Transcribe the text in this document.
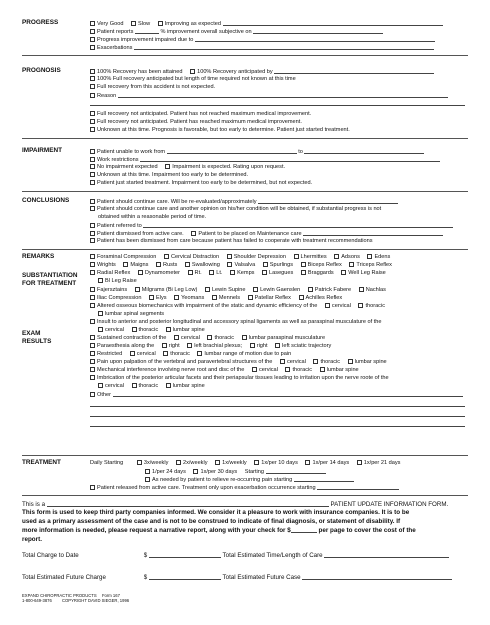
PROGRESS	Very Good	Slow	Improving as expected
Patient reports	% improvement overall subjective on
Progress improvement impaired due to
Exacerbations
PROGNOSIS	100% Recovery has been attained	100% Recovery anticipated by
100% Full recovery anticipated but length of time required not known at this time
Full recovery from this accident is not expected.
Reason
Full recovery not anticipated. Patient has not reached maximum medical improvement.
Full recovery not anticipated. Patient has reached maximum medical improvement.
Unknown at this time. Prognosis is favorable, but too early to determine. Patient just started treatment.
IMPAIRMENT	Patient unable to work from	to
Work restrictions
No impairment expected	Impairment is expected. Rating upon request.
Unknown at this time. Impairment too early to be determined.
Patient just started treatment. Impairment too early to be determined, but not expected.
CONCLUSIONS	Patient should continue care. Will be re-evaluated/approximately
Patient should continue care and another opinion on his/her condition will be obtained, if substantial progress is not
obtained within a reasonable period of time.
Patient referred to
Patient dismissed from active care.	Patient to be placed on Maintenance care
Patient has been dismissed from care because patient has failed to cooperate with treatment recommendations
REMARKS
SUBSTANTIATION
FOR TREATMENT
EXAM
RESULTS
Foraminal Compression	Cervical Distraction	Shoulder Depression	Lhermittes	Adsons	Edens
Wrights	Maigns	Rusts	Swallowing	Valsalva	Spurlings	Biceps Reflex	Triceps Reflex
Radial Reflex	Dynamometer	Rt.	Lt.	Kemps	Lasegues	Braggards	Well Leg Raise
Bl Leg Raise
Fajersztains	Milgrams (Bi Leg Low)	Lewin Supine	Lewin Gaenslen	Patrick Fabere	Nachlas
Iliac Compression	Elys	Yeomans	Mennels	Patellar Reflex	Achilles Reflex
Altered osseous biomechanics with impairment of the static and dynamic efficiency of the	cervical	thoracic
lumbar spinal segments
Insult to anterior and posterior longitudinal and accessory spinal ligaments as well as paraspinal musculature of the
cervical	thoracic	lumbar spine
Sustained contraction of the	cervical	thoracic	lumbar paraspinal musculature
Paraesthesia along the	right	left brachial plexus;	right	left sciatic trajectory
Restricted	cervical	thoracic	lumbar range of motion due to pain
Pain upon palpation of the vertebral and paravertebral structures of the	cervical	thoracic	lumbar spine
Mechanical interference involving nerve root and disc of the	cervical	thoracic	lumbar spine
Imbrication of the posterior articular facets and their periapsular tissues leading to irritation upon the nerve roote of the
cervical	thoracic	lumbar spine
Other
TREATMENT	Daily Starting	3x/weekly	2x/weekly	1x/weekly	1x/per 10 days	1x/per 14 days	1x/per 21 days
1/per 24 days	1x/per 30 days Starting
As needed by patient to relieve re-occurring pain starting
Patient released from active care. Treatment only upon exacerbation occurrence starting
This is a	PATIENT UPDATE INFORMATION FORM.
This form is used to keep third party companies informed. We consider it a pleasure to work with insurance companies. It is to be
used as a primary assessment of the case and is not to be construed to indicate of final diagnosis, or statement of disability. If
more information is needed, please request a narrative report, along with your check for $	per page to cover the cost of the
report.
Total Charge to Date	$	Total Estimated Time/Length of Care
Total Estimated Future Charge	$	Total Estimated Future Case
EXPAND CHIROPRACTIC PRODUCTS Form 167
1-800-649-3876 COPYRIGHT DAVID SIEGER, 1996
